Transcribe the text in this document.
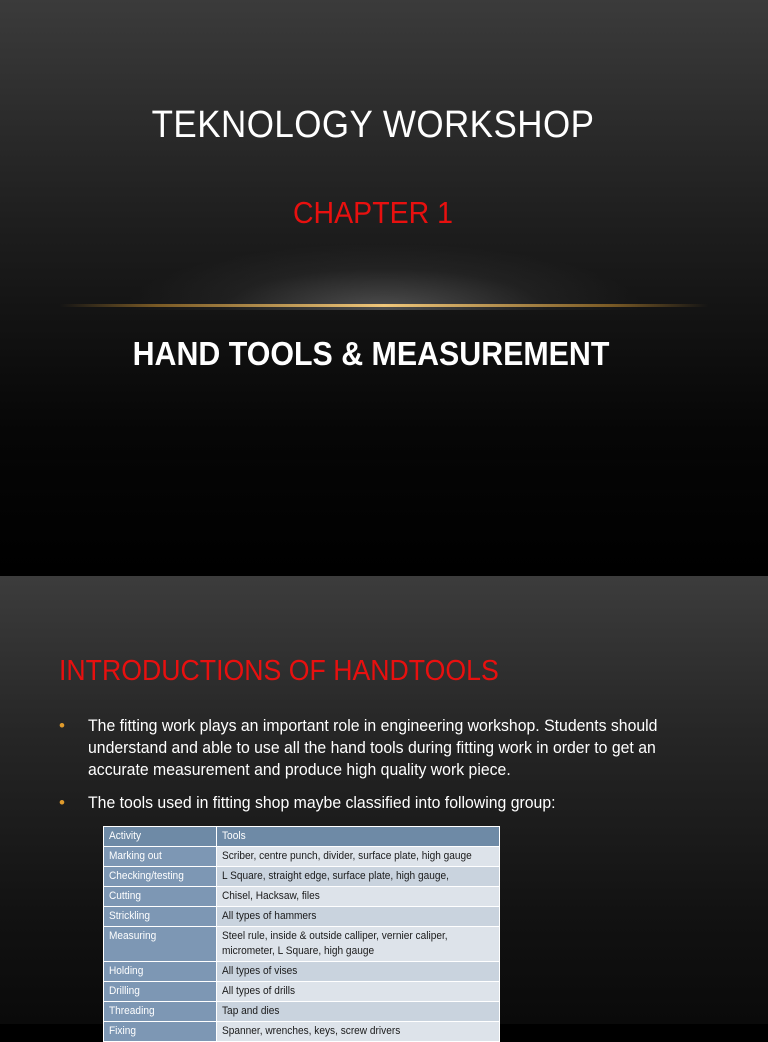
TEKNOLOGY WORKSHOP
CHAPTER 1
HAND TOOLS & MEASUREMENT
INTRODUCTIONS OF HANDTOOLS
• The fitting work plays an important role in engineering workshop. Students should understand and able to use all the hand tools during fitting work in order to get an accurate measurement and produce high quality work piece.
• The tools used in fitting shop maybe classified into following group:
Activity	Tools
Marking out	Scriber, centre punch, divider, surface plate, high gauge
Checking/testing	L Square, straight edge, surface plate, high gauge,
Cutting	Chisel, Hacksaw, files
Strickling	All types of hammers
Measuring	Steel rule, inside & outside calliper, vernier caliper,
micrometer, L Square, high gauge
Holding	All types of vises
Drilling	All types of drills
Threading	Tap and dies
Fixing	Spanner, wrenches, keys, screw drivers
